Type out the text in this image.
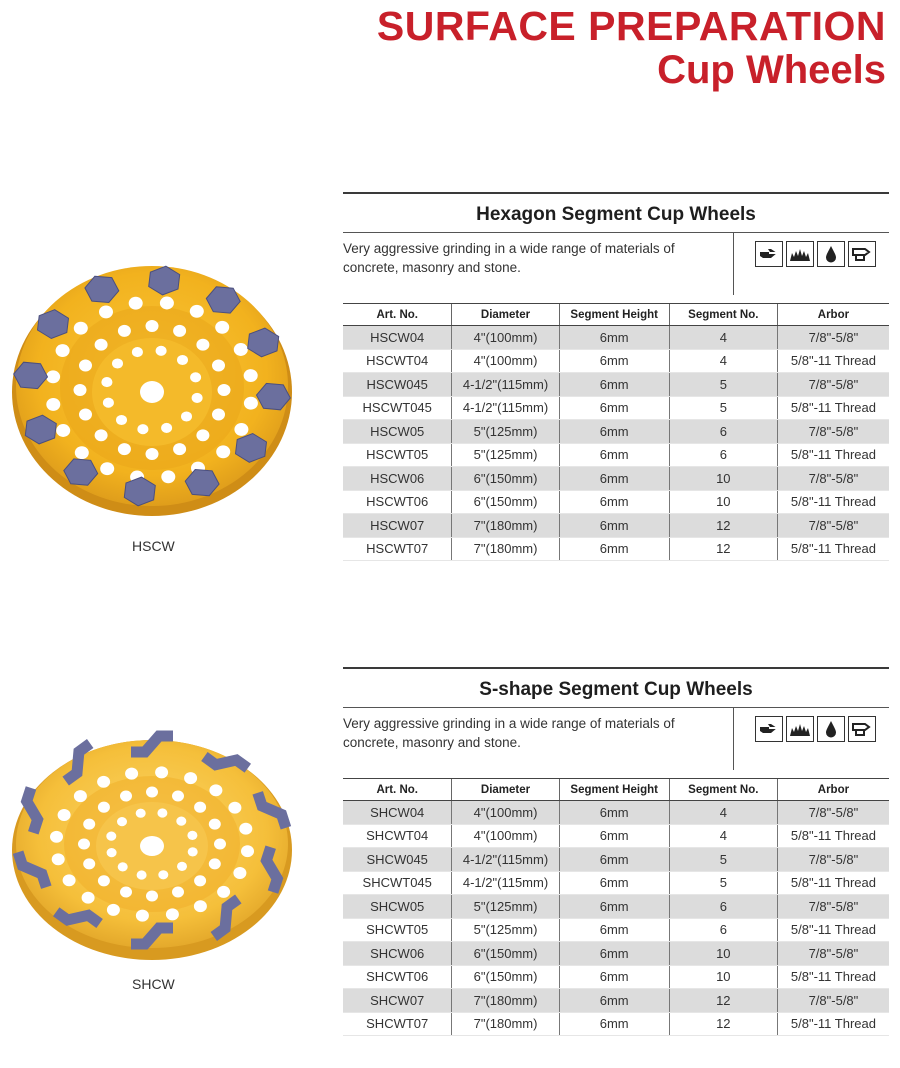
SURFACE PREPARATION
Cup Wheels
HSCW
SHCW
Hexagon Segment Cup Wheels
Very aggressive grinding in a wide range of materials of concrete, masonry and stone.
Art. No.	Diameter	Segment Height	Segment No.	Arbor
HSCW04	4"(100mm)	6mm	4	7/8"-5/8"
HSCWT04	4"(100mm)	6mm	4	5/8"-11 Thread
HSCW045	4-1/2"(115mm)	6mm	5	7/8"-5/8"
HSCWT045	4-1/2"(115mm)	6mm	5	5/8"-11 Thread
HSCW05	5"(125mm)	6mm	6	7/8"-5/8"
HSCWT05	5"(125mm)	6mm	6	5/8"-11 Thread
HSCW06	6"(150mm)	6mm	10	7/8"-5/8"
HSCWT06	6"(150mm)	6mm	10	5/8"-11 Thread
HSCW07	7"(180mm)	6mm	12	7/8"-5/8"
HSCWT07	7"(180mm)	6mm	12	5/8"-11 Thread
S-shape Segment Cup Wheels
Very aggressive grinding in a wide range of materials of concrete, masonry and stone.
Art. No.	Diameter	Segment Height	Segment No.	Arbor
SHCW04	4"(100mm)	6mm	4	7/8"-5/8"
SHCWT04	4"(100mm)	6mm	4	5/8"-11 Thread
SHCW045	4-1/2"(115mm)	6mm	5	7/8"-5/8"
SHCWT045	4-1/2"(115mm)	6mm	5	5/8"-11 Thread
SHCW05	5"(125mm)	6mm	6	7/8"-5/8"
SHCWT05	5"(125mm)	6mm	6	5/8"-11 Thread
SHCW06	6"(150mm)	6mm	10	7/8"-5/8"
SHCWT06	6"(150mm)	6mm	10	5/8"-11 Thread
SHCW07	7"(180mm)	6mm	12	7/8"-5/8"
SHCWT07	7"(180mm)	6mm	12	5/8"-11 Thread
